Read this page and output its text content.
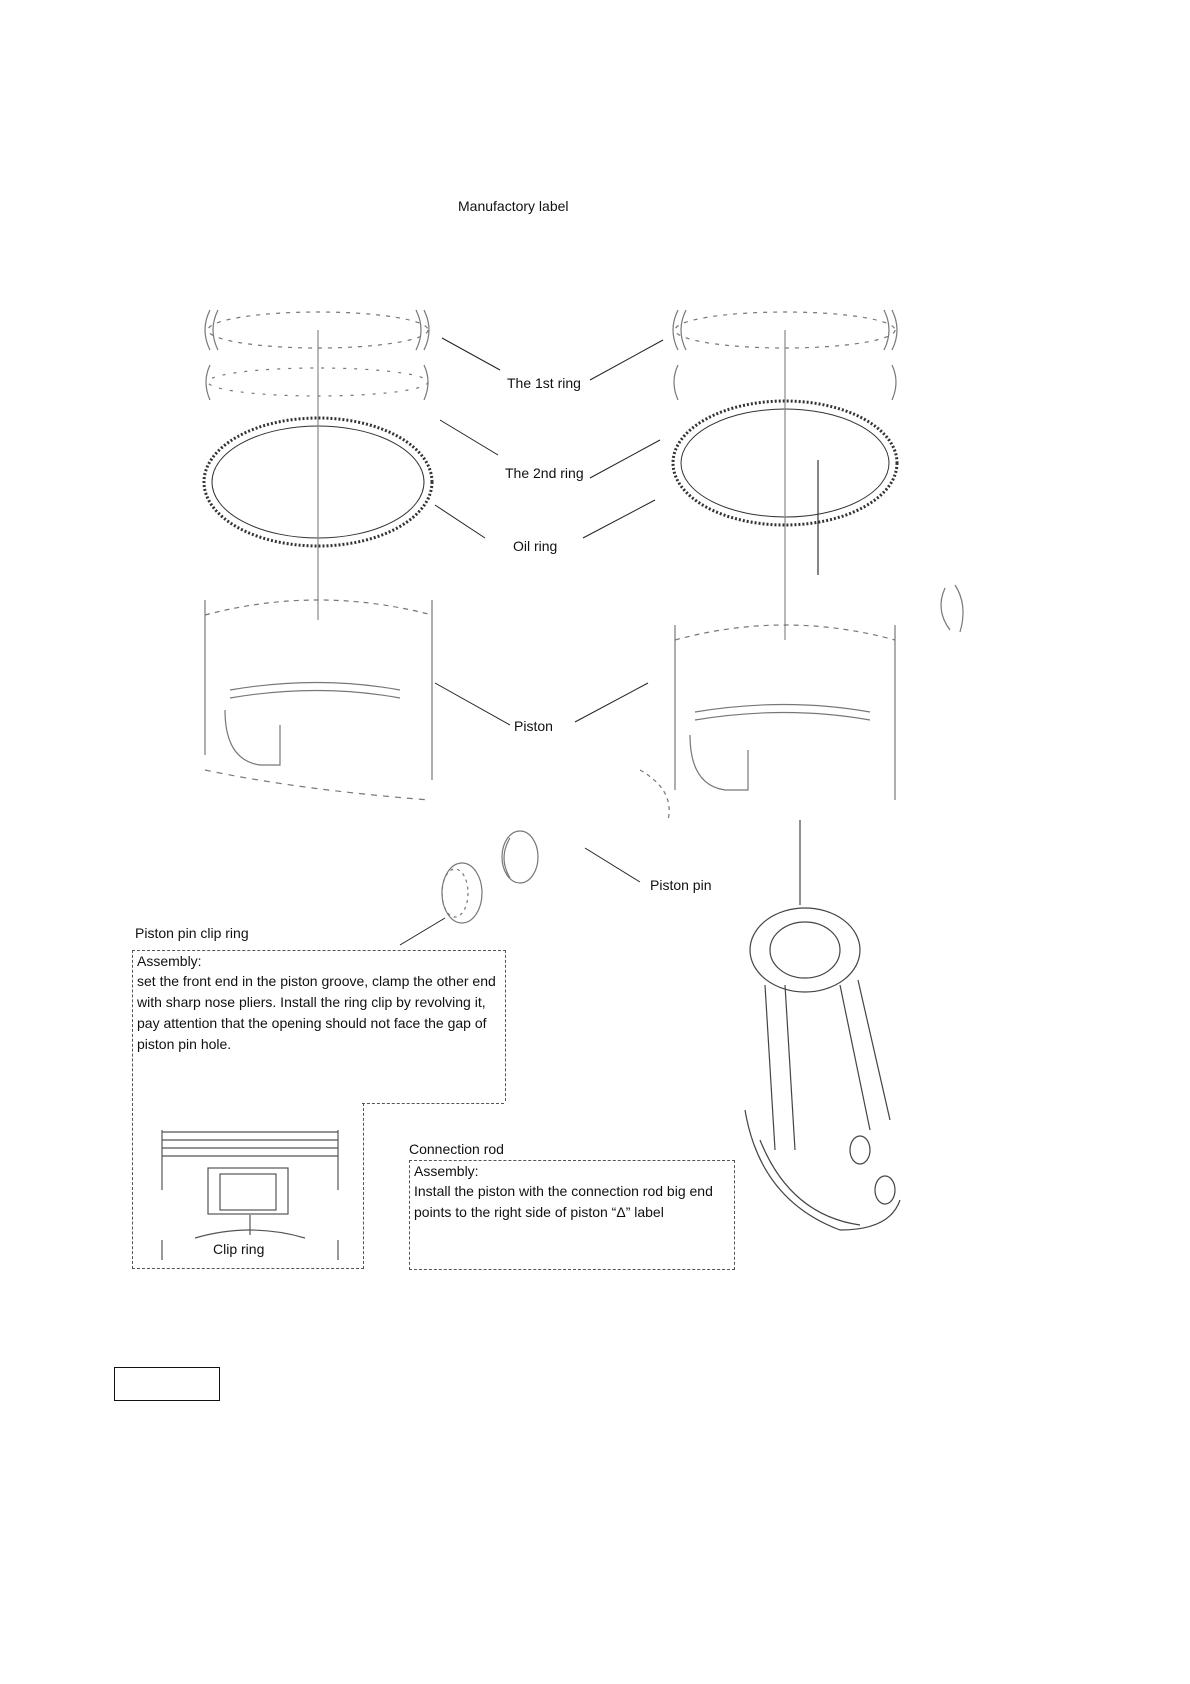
Manufactory label
The 1st ring
The 2nd ring
Oil ring
Piston
Piston pin
Piston pin clip ring
Connection rod
Assembly:
set the front end in the piston groove, clamp the other end with sharp nose pliers. Install the ring clip by revolving it, pay attention that the opening should not face the gap of piston pin hole.
Clip ring
Assembly:
Install the piston with the connection rod big end points to the right side of piston “Δ” label
